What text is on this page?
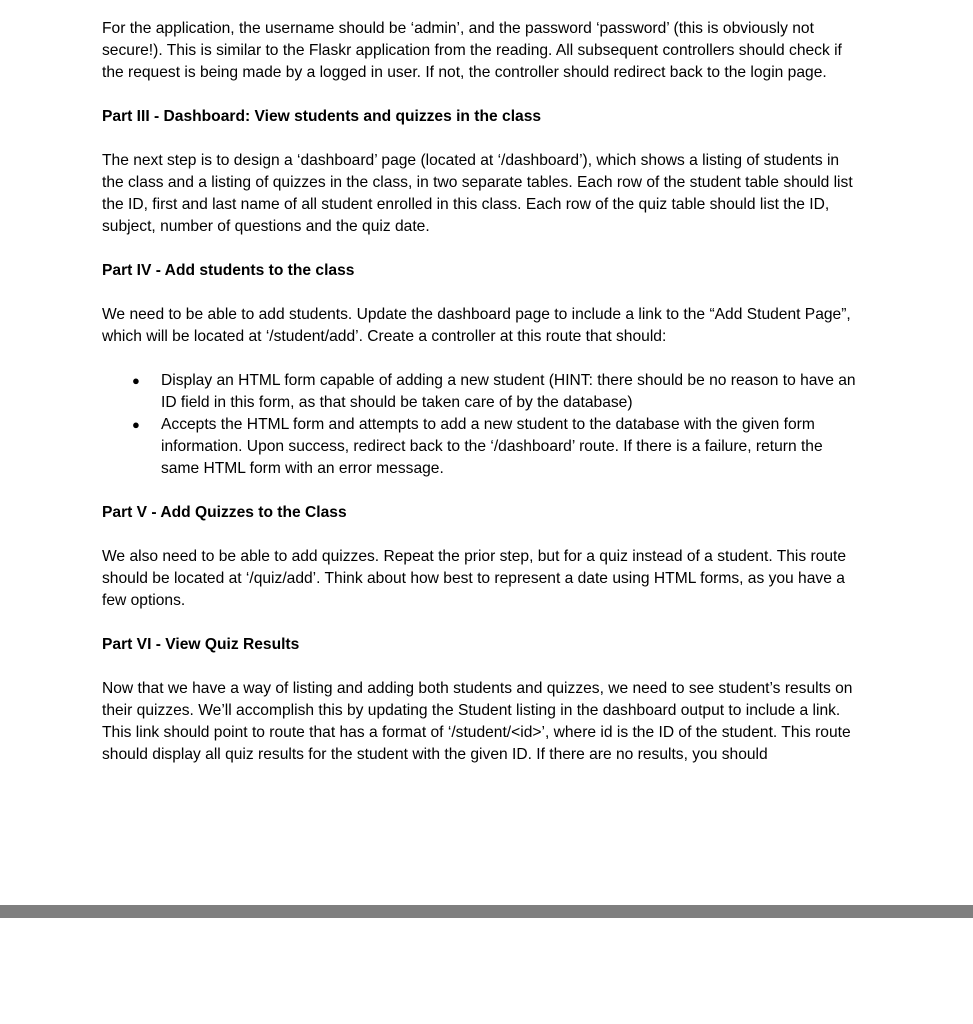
For the application, the username should be ‘admin’, and the password ‘password’ (this is obviously not secure!). This is similar to the Flaskr application from the reading. All subsequent controllers should check if the request is being made by a logged in user. If not, the controller should redirect back to the login page.

Part III - Dashboard: View students and quizzes in the class

The next step is to design a ‘dashboard’ page (located at ‘/dashboard’), which shows a listing of students in the class and a listing of quizzes in the class, in two separate tables. Each row of the student table should list the ID, first and last name of all student enrolled in this class. Each row of the quiz table should list the ID, subject, number of questions and the quiz date.

Part IV - Add students to the class

We need to be able to add students. Update the dashboard page to include a link to the “Add Student Page”, which will be located at ‘/student/add’. Create a controller at this route that should:

● Display an HTML form capable of adding a new student (HINT: there should be no reason to have an ID field in this form, as that should be taken care of by the database)
● Accepts the HTML form and attempts to add a new student to the database with the given form information. Upon success, redirect back to the ‘/dashboard’ route. If there is a failure, return the same HTML form with an error message.
Part V - Add Quizzes to the Class

We also need to be able to add quizzes. Repeat the prior step, but for a quiz instead of a student. This route should be located at ‘/quiz/add’. Think about how best to represent a date using HTML forms, as you have a few options.

Part VI - View Quiz Results

Now that we have a way of listing and adding both students and quizzes, we need to see student’s results on their quizzes. We’ll accomplish this by updating the Student listing in the dashboard output to include a link. This link should point to route that has a format of ‘/student/<id>’, where id is the ID of the student. This route should display all quiz results for the student with the given ID. If there are no results, you should
